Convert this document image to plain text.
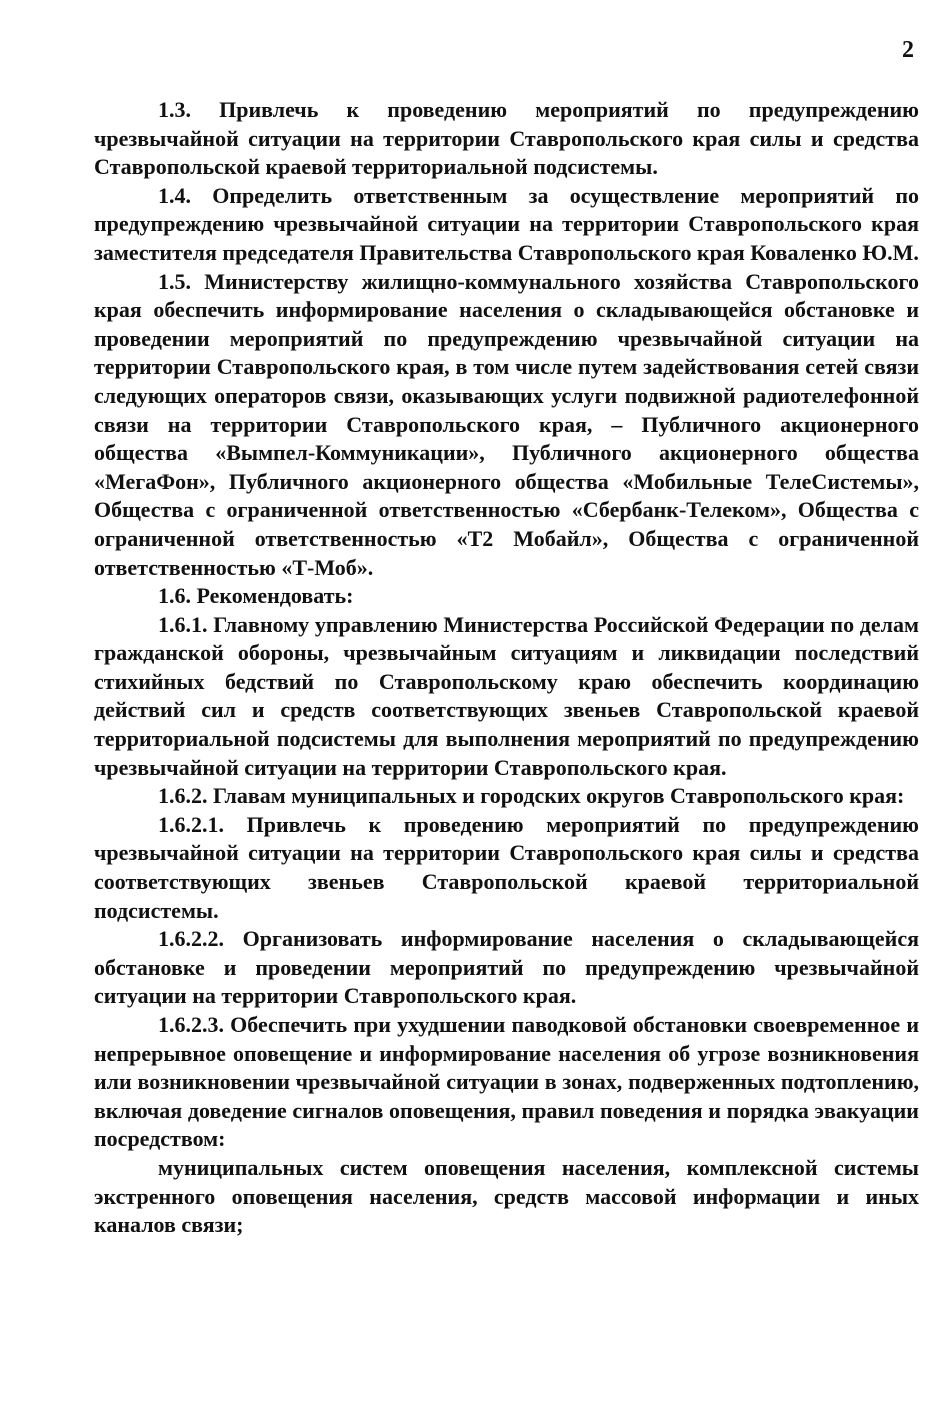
2

1.3. Привлечь к проведению мероприятий по предупреждению чрезвычайной ситуации на территории Ставропольского края силы и средства Ставропольской краевой территориальной подсистемы.

1.4. Определить ответственным за осуществление мероприятий по предупреждению чрезвычайной ситуации на территории Ставропольского края заместителя председателя Правительства Ставропольского края Коваленко Ю.М.

1.5. Министерству жилищно-коммунального хозяйства Ставропольского края обеспечить информирование населения о складывающейся обстановке и проведении мероприятий по предупреждению чрезвычайной ситуации на территории Ставропольского края, в том числе путем задействования сетей связи следующих операторов связи, оказывающих услуги подвижной радиотелефонной связи на территории Ставропольского края, – Публичного акционерного общества «Вымпел-Коммуникации», Публичного акционерного общества «МегаФон», Публичного акционерного общества «Мобильные ТелеСистемы», Общества с ограниченной ответственностью «Сбербанк-Телеком», Общества с ограниченной ответственностью «Т2 Мобайл», Общества с ограниченной ответственностью «Т-Моб».

1.6. Рекомендовать:

1.6.1. Главному управлению Министерства Российской Федерации по делам гражданской обороны, чрезвычайным ситуациям и ликвидации последствий стихийных бедствий по Ставропольскому краю обеспечить координацию действий сил и средств соответствующих звеньев Ставропольской краевой территориальной подсистемы для выполнения мероприятий по предупреждению чрезвычайной ситуации на территории Ставропольского края.

1.6.2. Главам муниципальных и городских округов Ставропольского края:

1.6.2.1. Привлечь к проведению мероприятий по предупреждению чрезвычайной ситуации на территории Ставропольского края силы и средства соответствующих звеньев Ставропольской краевой территориальной подсистемы.

1.6.2.2. Организовать информирование населения о складывающейся обстановке и проведении мероприятий по предупреждению чрезвычайной ситуации на территории Ставропольского края.

1.6.2.3. Обеспечить при ухудшении паводковой обстановки своевременное и непрерывное оповещение и информирование населения об угрозе возникновения или возникновении чрезвычайной ситуации в зонах, подверженных подтоплению, включая доведение сигналов оповещения, правил поведения и порядка эвакуации посредством:

муниципальных систем оповещения населения, комплексной системы экстренного оповещения населения, средств массовой информации и иных каналов связи;
